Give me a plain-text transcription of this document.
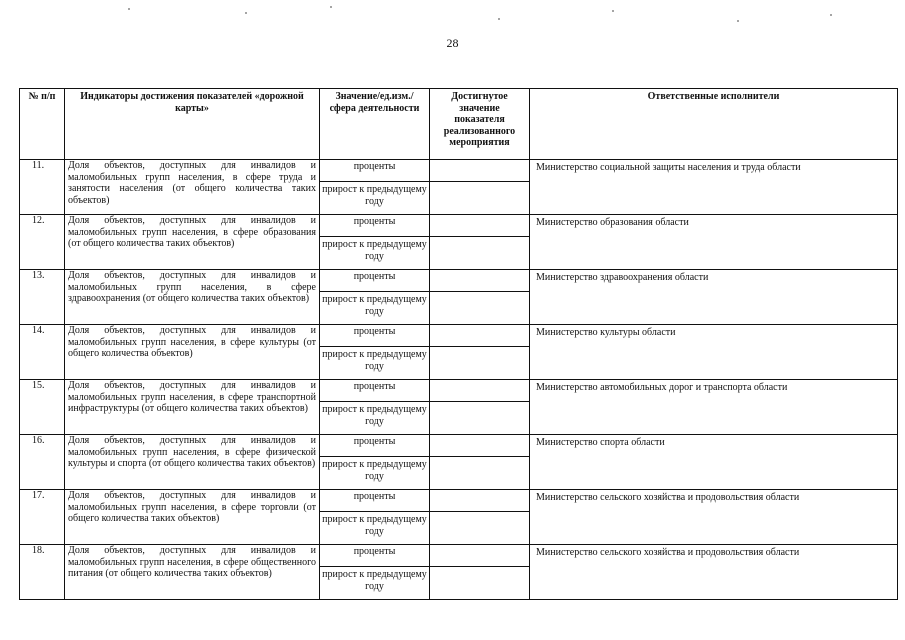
28
№ п/п	Индикаторы достижения показателей «дорожной карты»	Значение/ед.изм./ сфера деятельности	Достигнутое значение показателя реализованного мероприятия	Ответственные исполнители
11.	Доля объектов, доступных для инвалидов и маломобильных групп населения, в сфере труда и занятости населения (от общего количества таких объектов)	проценты		Министерство социальной защиты населения и труда области
		прирост к предыдущему году		
12.	Доля объектов, доступных для инвалидов и маломобильных групп населения, в сфере образования (от общего количества таких объектов)	проценты		Министерство образования области
		прирост к предыдущему году		
13.	Доля объектов, доступных для инвалидов и маломобильных групп населения, в сфере здравоохранения (от общего количества таких объектов)	проценты		Министерство здравоохранения области
		прирост к предыдущему году		
14.	Доля объектов, доступных для инвалидов и маломобильных групп населения, в сфере культуры (от общего количества объектов)	проценты		Министерство культуры области
		прирост к предыдущему году		
15.	Доля объектов, доступных для инвалидов и маломобильных групп населения, в сфере транспортной инфраструктуры (от общего количества таких объектов)	проценты		Министерство автомобильных дорог и транспорта области
		прирост к предыдущему году		
16.	Доля объектов, доступных для инвалидов и маломобильных групп населения, в сфере физической культуры и спорта (от общего количества таких объектов)	проценты		Министерство спорта области
		прирост к предыдущему году		
17.	Доля объектов, доступных для инвалидов и маломобильных групп населения, в сфере торговли (от общего количества таких объектов)	проценты		Министерство сельского хозяйства и продовольствия области
		прирост к предыдущему году		
18.	Доля объектов, доступных для инвалидов и маломобильных групп населения, в сфере общественного питания (от общего количества таких объектов)	проценты		Министерство сельского хозяйства и продовольствия области
		прирост к предыдущему году		
